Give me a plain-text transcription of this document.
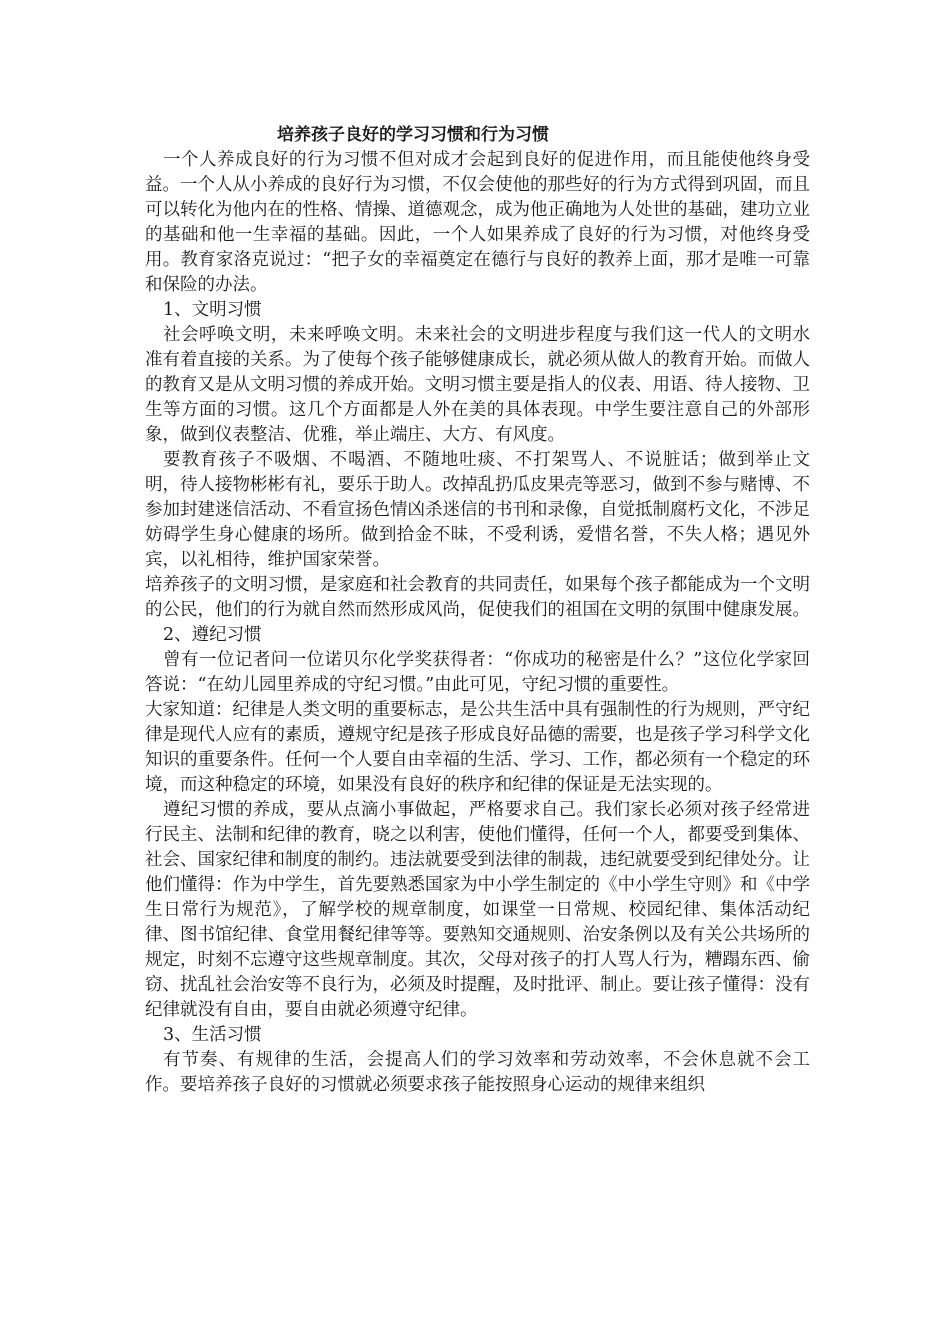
培养孩子良好的学习习惯和行为习惯

一个人养成良好的行为习惯不但对成才会起到良好的促进作用，而且能使他终身受益。一个人从小养成的良好行为习惯，不仅会使他的那些好的行为方式得到巩固，而且可以转化为他内在的性格、情操、道德观念，成为他正确地为人处世的基础，建功立业的基础和他一生幸福的基础。因此，一个人如果养成了良好的行为习惯，对他终身受用。教育家洛克说过：“把子女的幸福奠定在德行与良好的教养上面，那才是唯一可靠和保险的办法。

1、文明习惯

社会呼唤文明，未来呼唤文明。未来社会的文明进步程度与我们这一代人的文明水准有着直接的关系。为了使每个孩子能够健康成长，就必须从做人的教育开始。而做人的教育又是从文明习惯的养成开始。文明习惯主要是指人的仪表、用语、待人接物、卫生等方面的习惯。这几个方面都是人外在美的具体表现。中学生要注意自己的外部形象，做到仪表整洁、优雅，举止端庄、大方、有风度。

要教育孩子不吸烟、不喝酒、不随地吐痰、不打架骂人、不说脏话；做到举止文明，待人接物彬彬有礼，要乐于助人。改掉乱扔瓜皮果壳等恶习，做到不参与赌博、不参加封建迷信活动、不看宣扬色情凶杀迷信的书刊和录像，自觉抵制腐朽文化，不涉足妨碍学生身心健康的场所。做到拾金不昧，不受利诱，爱惜名誉，不失人格；遇见外宾，以礼相待，维护国家荣誉。

培养孩子的文明习惯，是家庭和社会教育的共同责任，如果每个孩子都能成为一个文明的公民，他们的行为就自然而然形成风尚，促使我们的祖国在文明的氛围中健康发展。

2、遵纪习惯

曾有一位记者问一位诺贝尔化学奖获得者：“你成功的秘密是什么？”这位化学家回答说：“在幼儿园里养成的守纪习惯。”由此可见，守纪习惯的重要性。

大家知道：纪律是人类文明的重要标志，是公共生活中具有强制性的行为规则，严守纪律是现代人应有的素质，遵规守纪是孩子形成良好品德的需要，也是孩子学习科学文化知识的重要条件。任何一个人要自由幸福的生活、学习、工作，都必须有一个稳定的环境，而这种稳定的环境，如果没有良好的秩序和纪律的保证是无法实现的。

遵纪习惯的养成，要从点滴小事做起，严格要求自己。我们家长必须对孩子经常进行民主、法制和纪律的教育，晓之以利害，使他们懂得，任何一个人，都要受到集体、社会、国家纪律和制度的制约。违法就要受到法律的制裁，违纪就要受到纪律处分。让他们懂得：作为中学生，首先要熟悉国家为中小学生制定的《中小学生守则》和《中学生日常行为规范》，了解学校的规章制度，如课堂一日常规、校园纪律、集体活动纪律、图书馆纪律、食堂用餐纪律等等。要熟知交通规则、治安条例以及有关公共场所的规定，时刻不忘遵守这些规章制度。其次，父母对孩子的打人骂人行为，糟蹋东西、偷窃、扰乱社会治安等不良行为，必须及时提醒，及时批评、制止。要让孩子懂得：没有纪律就没有自由，要自由就必须遵守纪律。

3、生活习惯

有节奏、有规律的生活，会提高人们的学习效率和劳动效率，不会休息就不会工作。要培养孩子良好的习惯就必须要求孩子能按照身心运动的规律来组织
